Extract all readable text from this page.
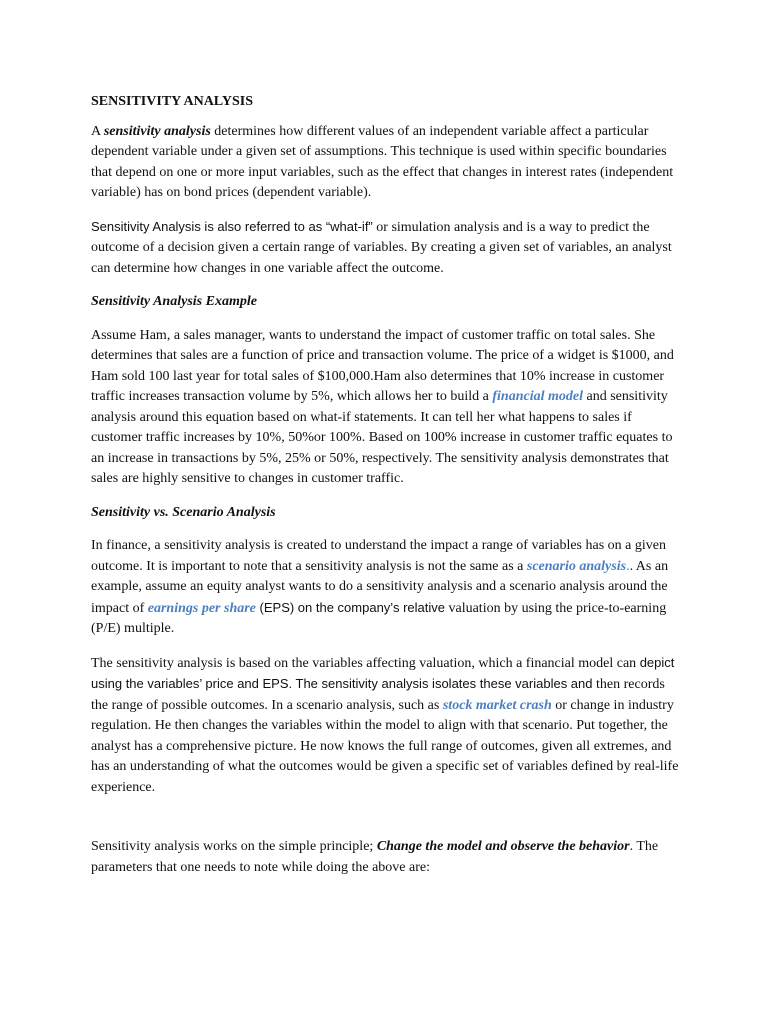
SENSITIVITY ANALYSIS

A sensitivity analysis determines how different values of an independent variable affect a particular dependent variable under a given set of assumptions. This technique is used within specific boundaries that depend on one or more input variables, such as the effect that changes in interest rates (independent variable) has on bond prices (dependent variable).

Sensitivity Analysis is also referred to as “what-if” or simulation analysis and is a way to predict the outcome of a decision given a certain range of variables. By creating a given set of variables, an analyst can determine how changes in one variable affect the outcome.

Sensitivity Analysis Example

Assume Ham, a sales manager, wants to understand the impact of customer traffic on total sales. She determines that sales are a function of price and transaction volume. The price of a widget is $1000, and Ham sold 100 last year for total sales of $100,000.Ham also determines that 10% increase in customer traffic increases transaction volume by 5%, which allows her to build a financial model and sensitivity analysis around this equation based on what-if statements. It can tell her what happens to sales if customer traffic increases by 10%, 50%or 100%. Based on 100% increase in customer traffic equates to an increase in transactions by 5%, 25% or 50%, respectively. The sensitivity analysis demonstrates that sales are highly sensitive to changes in customer traffic.

Sensitivity vs. Scenario Analysis

In finance, a sensitivity analysis is created to understand the impact a range of variables has on a given outcome. It is important to note that a sensitivity analysis is not the same as a scenario analysis.. As an example, assume an equity analyst wants to do a sensitivity analysis and a scenario analysis around the impact of earnings per share (EPS) on the company’s relative valuation by using the price-to-earning (P/E) multiple.

The sensitivity analysis is based on the variables affecting valuation, which a financial model can depict using the variables’ price and EPS. The sensitivity analysis isolates these variables and then records the range of possible outcomes. In a scenario analysis, such as stock market crash or change in industry regulation. He then changes the variables within the model to align with that scenario. Put together, the analyst has a comprehensive picture. He now knows the full range of outcomes, given all extremes, and has an understanding of what the outcomes would be given a specific set of variables defined by real-life experience.

Sensitivity analysis works on the simple principle; Change the model and observe the behavior. The parameters that one needs to note while doing the above are:
